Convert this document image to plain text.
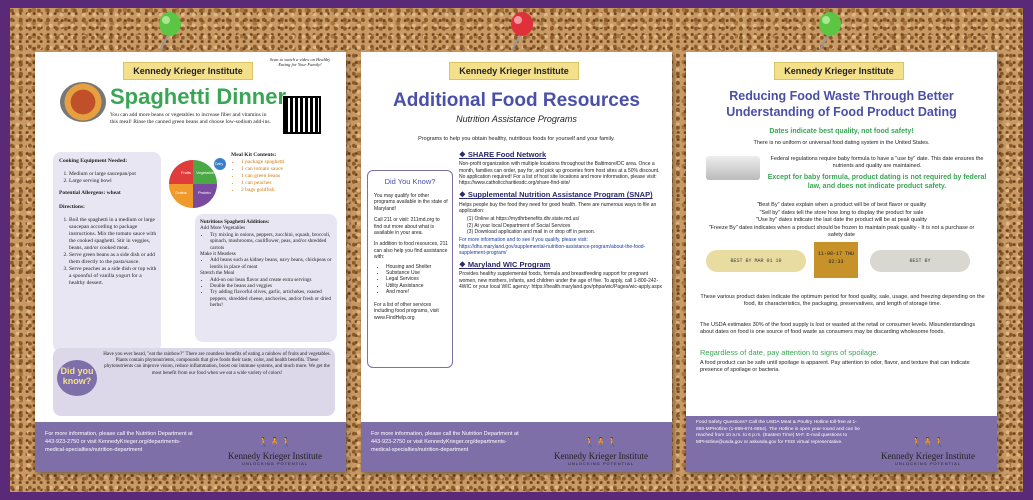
Kennedy Krieger Institute
Scan to watch a video on Healthy Eating for Your Family!
Spaghetti Dinner
You can add more beans or vegetables to increase fiber and vitamins in this meal! Rinse the canned green beans and choose low-sodium add-ins.
Cooking Equipment Needed:
1. Medium or large saucepan/pot
2. Large serving bowl
Potential Allergens: wheat

Directions:
1. Boil the spaghetti in a medium or large saucepan according to package instructions. Mix the tomato sauce with the cooked spaghetti. Stir in veggies, beans, and/or cooked meat.
2. Serve green beans as a side dish or add them directly to the pasta/sauce.
3. Serve peaches as a side dish or top with a spoonful of vanilla yogurt for a healthy dessert.
Fruits Vegetables
Grains	Protein
Dairy
Meal Kit Contents:
• 1 package spaghetti
• 1 can tomato sauce
• 1 can green beans
• 1 can peaches
• 2 bags goldfish
Nutritious Spaghetti Additions:
Add More Vegetables
• Try mixing in onions, peppers, zucchini, squash, broccoli, spinach, mushrooms, cauliflower, peas, and/or shredded carrots
Make it Meatless
• Add beans such as kidney beans, navy beans, chickpeas or lentils in place of meat
Stretch the Meal
• Add-on our bean flavor and create extra servings
• Double the beans and veggies
• Try adding flavorful olives, garlic, artichokes, roasted peppers, shredded cheese, anchovies, and/or fresh or dried herbs!
Did you know?
Have you ever heard, "eat the rainbow?" There are countless benefits of eating a rainbow of fruits and vegetables. Plants contain phytonutrients, compounds that give foods their taste, color, and health benefits. These phytonutrients can improve vision, reduce inflammation, boost our immune systems, and much more. We get the most benefit from our food when we eat a wide variety of colors!
For more information, please call the Nutrition Department at 443-923-2750 or visit KennedyKrieger.org/departments-medical-specialties/nutrition-department
🚶🧍🚶
Kennedy Krieger Institute
UNLOCKING POTENTIAL
Kennedy Krieger Institute
Additional Food Resources
Nutrition Assistance Programs
Programs to help you obtain healthy, nutritious foods for yourself and your family.
Did You Know?

You may qualify for other programs available in the state of Maryland!

Call 211 or visit: 211md.org to find out more about what is available in your area.

In addition to food resources, 211 can also help you find assistance with:

• Housing and Shelter
• Substance Use
• Legal Services
• Utility Assistance
• And more!

For a list of other services including food programs, visit www.FindHelp.org

❖ SHARE Food Network

Non-profit organization with multiple locations throughout the Baltimore/DC area. Once a month, families can order, pay for, and pick up groceries from host sites at a 50% discount. No application required! For a list of host site locations and more information, please visit: https://www.catholiccharitiesdc.org/share-find-site/

❖ Supplemental Nutrition Assistance Program (SNAP)

Helps people buy the food they need for good health. There are numerous ways to file an application:

(1) Online at https://mydhrbenefits.dhr.state.md.us/
(2) At your local Department of Social Services
(3) Download application and mail in or drop off in person.

For more information and to see if you qualify, please visit: https://dhs.maryland.gov/supplemental-nutrition-assistance-program/about-the-food-supplement-program/

❖ Maryland WIC Program

Provides healthy supplemental foods, formula and breastfeeding support for pregnant women, new mothers, infants, and children under the age of five. To apply, call 1-800-242-4WIC or your local WIC agency: https://health.maryland.gov/phpa/wic/Pages/wic-apply.aspx

For more information, please call the Nutrition Department at 443-923-2750 or visit KennedyKrieger.org/departments-medical-specialties/nutrition-department
🚶🧍🚶
Kennedy Krieger Institute
UNLOCKING POTENTIAL
Kennedy Krieger Institute
Reducing Food Waste Through Better Understanding of Food Product Dating
Dates indicate best quality, not food safety!
There is no uniform or universal food dating system in the United States.
Federal regulations require baby formula to have a "use by" date. This date ensures the nutrients and quality are maintained.
Except for baby formula, product dating is not required by federal law, and does not indicate product safety.
"Best By" dates explain when a product will be of best flavor or quality
"Sell by" dates tell the store how long to display the product for sale
"Use by" dates indicate the last date the product will be at peak quality
"Freeze By" dates indicates when a product should be frozen to maintain peak quality - It is not a purchase or safety date
BEST BY MAR 01 19
11-08-17 THU 02:33	BEST BY
These various product dates indicate the optimum period for food quality, sale, usage, and freezing depending on the food, its characteristics, the packaging, preservatives, and length of storage time.
The USDA estimates 30% of the food supply is lost or wasted at the retail or consumer levels. Misunderstandings about dates on food is one source of food waste as consumers may be discarding wholesome foods.
Regardless of date, pay attention to signs of spoilage.
A food product can be safe until spoilage is apparent. Pay attention to odor, flavor, and texture that can indicate presence of spoilage or bacteria.
Food Safety Questions? Call the USDA Meat & Poultry Hotline toll-free at 1-888-MPHotline (1-888-674-6854). The Hotline is open year-round and can be reached from 10 a.m. to 6 p.m. (Eastern Time) M-F. E-mail questions to MPHotline@usda.gov or askusda.gov for FSIS virtual representative.	🚶🧍🚶
Kennedy Krieger Institute
UNLOCKING POTENTIAL
